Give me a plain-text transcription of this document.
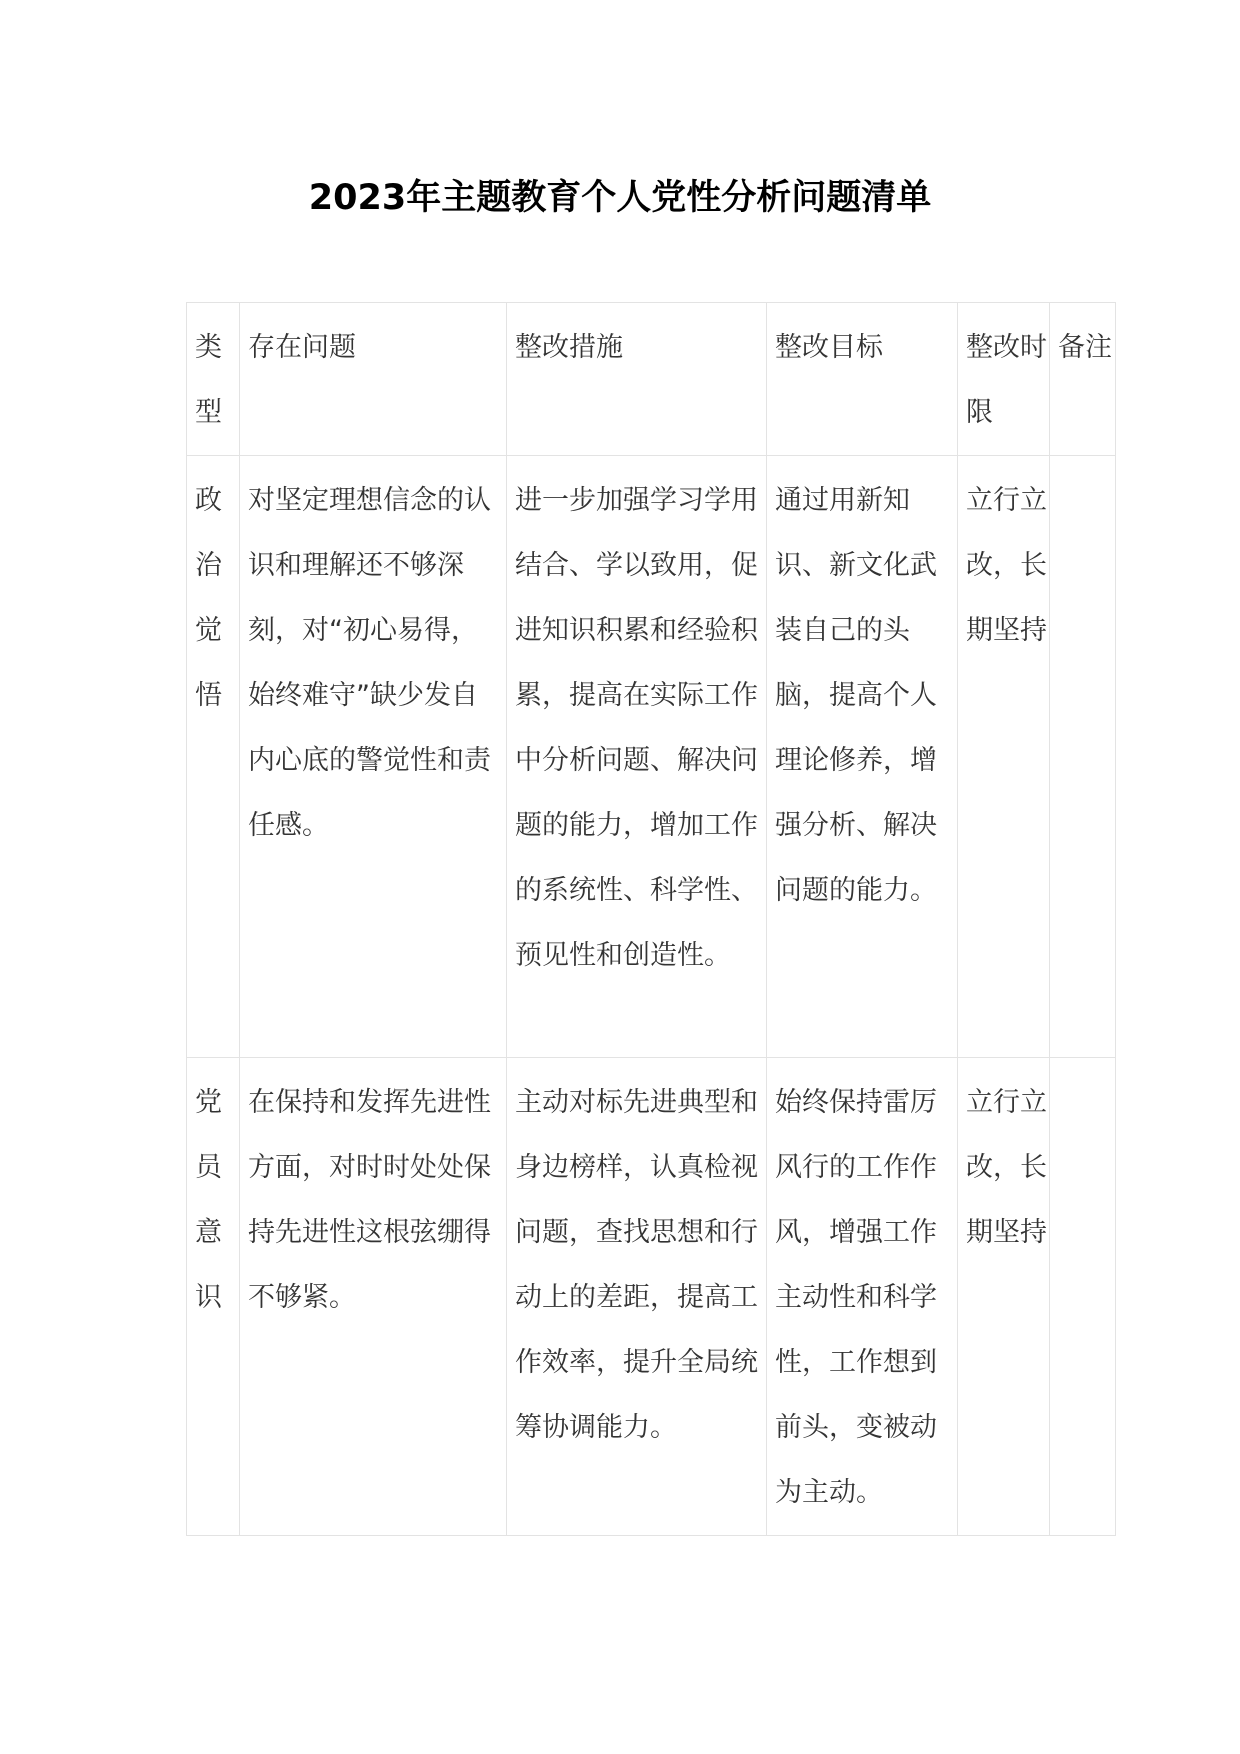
2023年主题教育个人党性分析问题清单
类型	存在问题	整改措施	整改目标	整改时限	备注
政治觉悟	对坚定理想信念的认识和理解还不够深刻，对“初心易得，始终难守”缺少发自内心底的警觉性和责任感。	进一步加强学习学用结合、学以致用，促进知识积累和经验积累，提高在实际工作中分析问题、解决问题的能力，增加工作的系统性、科学性、预见性和创造性。	通过用新知识、新文化武装自己的头脑，提高个人理论修养，增强分析、解决问题的能力。	立行立改，长期坚持	
党员意识	在保持和发挥先进性方面，对时时处处保持先进性这根弦绷得不够紧。	主动对标先进典型和身边榜样，认真检视问题，查找思想和行动上的差距，提高工作效率，提升全局统筹协调能力。	始终保持雷厉风行的工作作风，增强工作主动性和科学性，工作想到前头，变被动为主动。	立行立改，长期坚持	
